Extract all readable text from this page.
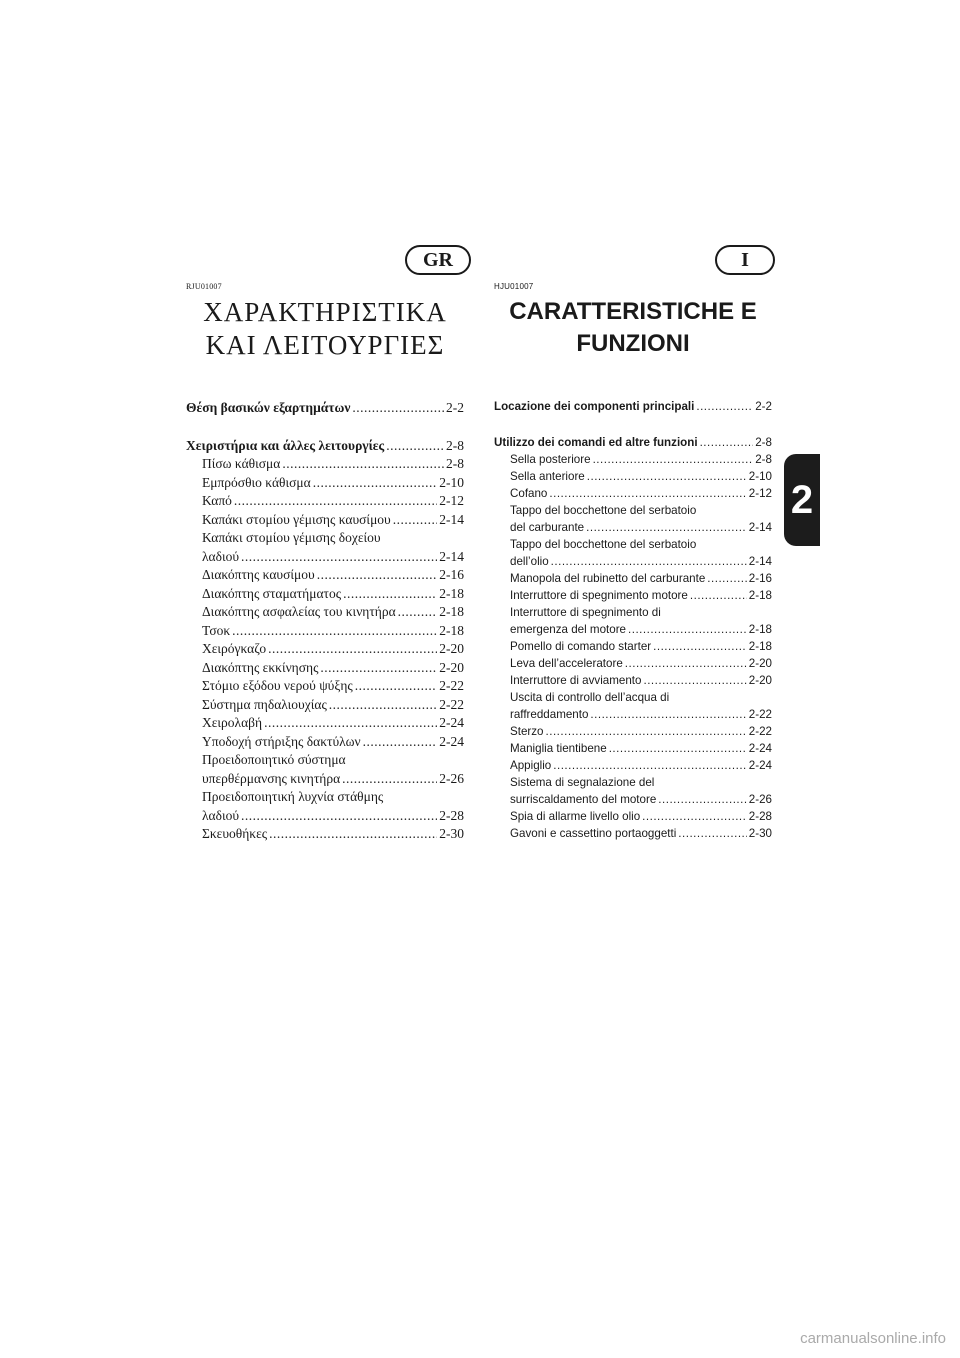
GR	I
RJU01007	HJU01007
ΧΑΡΑΚΤΗΡΙΣΤΙΚΑ
ΚΑΙ ΛΕΙΤΟΥΡΓΙΕΣ
CARATTERISTICHE E
FUNZIONI
Θέση βασικών εξαρτημάτων .....	2-2
Χειριστήρια και άλλες λειτουργίες .....	2-8
Πίσω κάθισμα .....	2-8
Εμπρόσθιο κάθισμα .....	2-10
Καπό .....	2-12
Καπάκι στομίου γέμισης καυσίμου .....	2-14
Καπάκι στομίου γέμισης δοχείου
λαδιού .....	2-14
Διακόπτης καυσίμου .....	2-16
Διακόπτης σταματήματος .....	2-18
Διακόπτης ασφαλείας του κινητήρα .....	2-18
Τσοκ .....	2-18
Χειρόγκαζο .....	2-20
Διακόπτης εκκίνησης .....	2-20
Στόμιο εξόδου νερού ψύξης .....	2-22
Σύστημα πηδαλιουχίας .....	2-22
Χειρολαβή .....	2-24
Υποδοχή στήριξης δακτύλων .....	2-24
Προειδοποιητικό σύστημα
υπερθέρμανσης κινητήρα .....	2-26
Προειδοποιητική λυχνία στάθμης
λαδιού .....	2-28
Σκευοθήκες .....	2-30
Locazione dei componenti principali .....	2-2
Utilizzo dei comandi ed altre funzioni .....	2-8
Sella posteriore .....	2-8
Sella anteriore .....	2-10
Cofano .....	2-12
Tappo del bocchettone del serbatoio
del carburante .....	2-14
Tappo del bocchettone del serbatoio
dell’olio .....	2-14
Manopola del rubinetto del carburante .....	2-16
Interruttore di spegnimento motore .....	2-18
Interruttore di spegnimento di
emergenza del motore .....	2-18
Pomello di comando starter .....	2-18
Leva dell’acceleratore .....	2-20
Interruttore di avviamento .....	2-20
Uscita di controllo dell’acqua di
raffreddamento .....	2-22
Sterzo .....	2-22
Maniglia tientibene .....	2-24
Appiglio .....	2-24
Sistema di segnalazione del
surriscaldamento del motore .....	2-26
Spia di allarme livello olio .....	2-28
Gavoni e cassettino portaoggetti .....	2-30
2
carmanualsonline.info
